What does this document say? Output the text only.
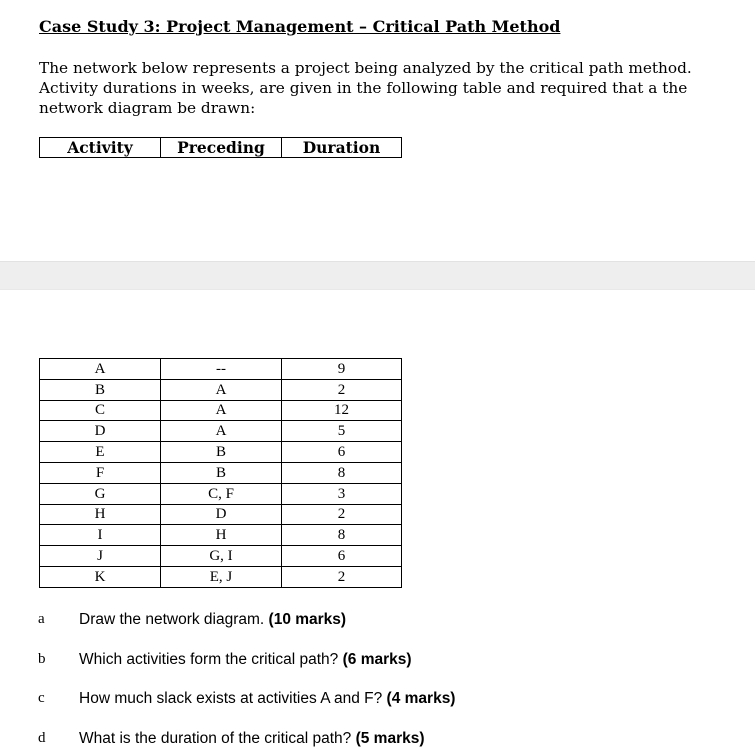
Case Study 3: Project Management – Critical Path Method
The network below represents a project being analyzed by the critical path method.
Activity durations in weeks, are given in the following table and required that a the
network diagram be drawn:
Activity	Preceding	Duration
A	--	9
B	A	2
C	A	12
D	A	5
E	B	6
F	B	8
G	C, F	3
H	D	2
I	H	8
J	G, I	6
K	E, J	2
a Draw the network diagram. (10 marks)
b Which activities form the critical path? (6 marks)
c How much slack exists at activities A and F? (4 marks)
d What is the duration of the critical path? (5 marks)
